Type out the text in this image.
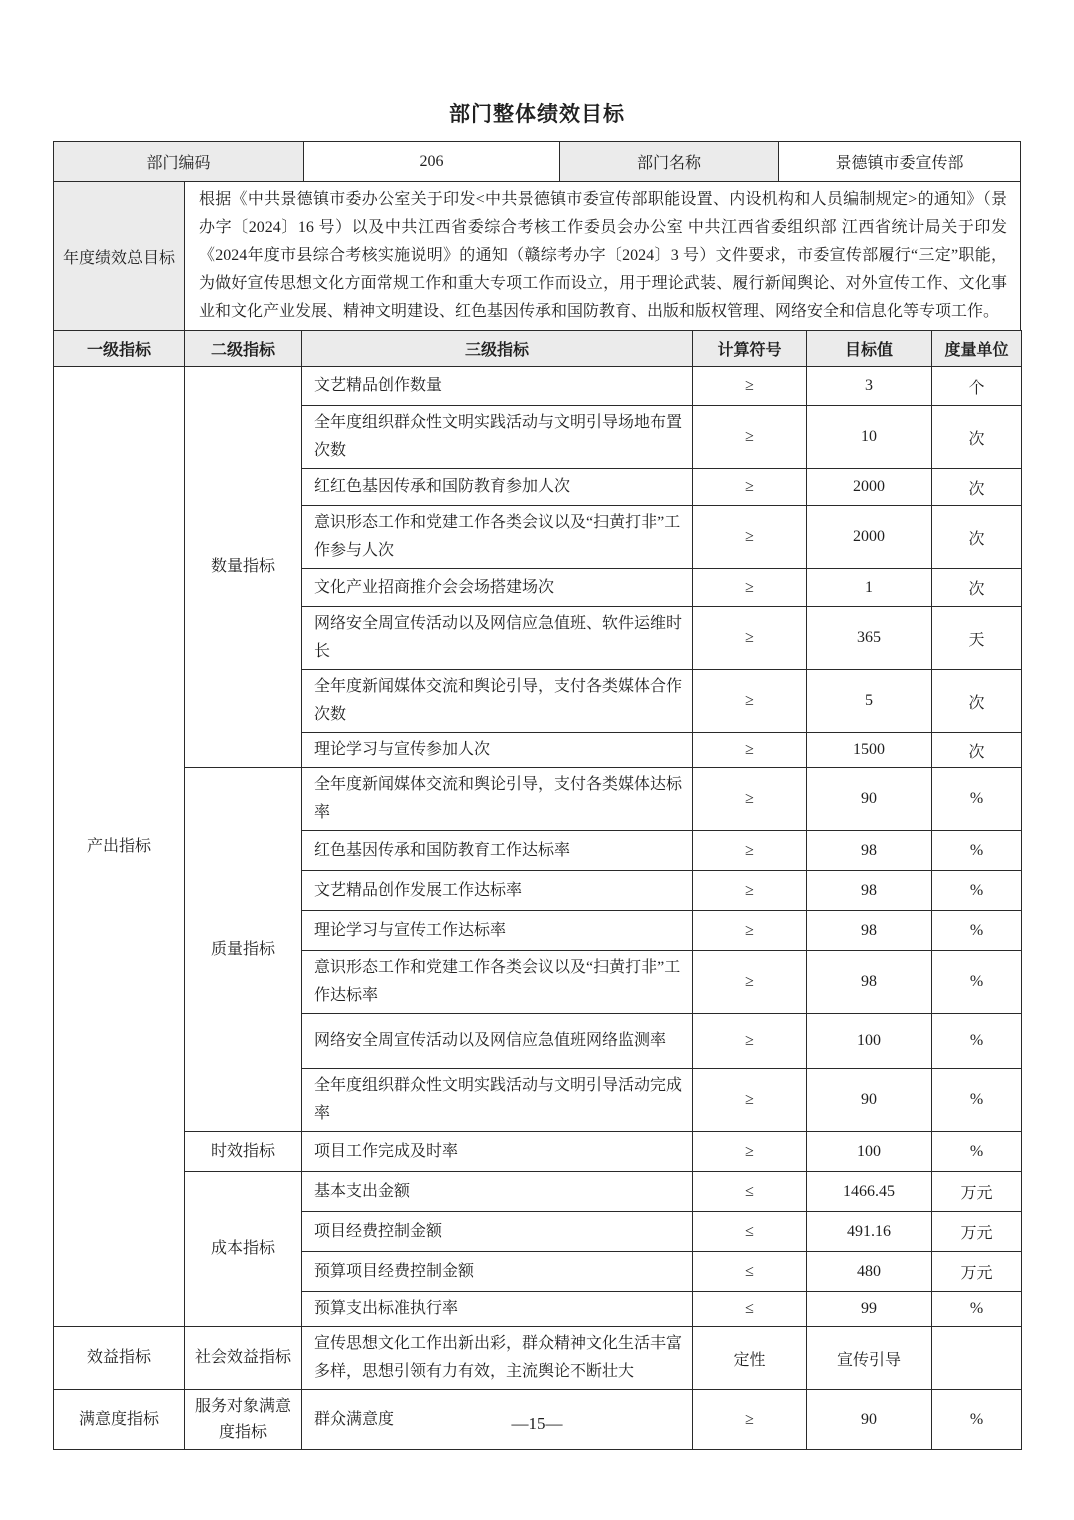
部门整体绩效目标
部门编码	206	部门名称	景德镇市委宣传部
年度绩效总目标	根据《中共景德镇市委办公室关于印发<中共景德镇市委宣传部职能设置、内设机构和人员编制规定>的通知》（景办字〔2024〕16 号）以及中共江西省委综合考核工作委员会办公室 中共江西省委组织部 江西省统计局关于印发《2024年度市县综合考核实施说明》的通知（赣综考办字〔2024〕3 号）文件要求，市委宣传部履行“三定”职能，为做好宣传思想文化方面常规工作和重大专项工作而设立，用于理论武装、履行新闻舆论、对外宣传工作、文化事业和文化产业发展、精神文明建设、红色基因传承和国防教育、出版和版权管理、网络安全和信息化等专项工作。
一级指标	二级指标	三级指标	计算符号	目标值	度量单位
产出指标	数量指标	文艺精品创作数量	≥	3	个
		全年度组织群众性文明实践活动与文明引导场地布置次数	≥	10	次
		红红色基因传承和国防教育参加人次	≥	2000	次
		意识形态工作和党建工作各类会议以及“扫黄打非”工作参与人次	≥	2000	次
		文化产业招商推介会会场搭建场次	≥	1	次
		网络安全周宣传活动以及网信应急值班、软件运维时长	≥	365	天
		全年度新闻媒体交流和舆论引导，支付各类媒体合作次数	≥	5	次
		理论学习与宣传参加人次	≥	1500	次
	质量指标	全年度新闻媒体交流和舆论引导，支付各类媒体达标率	≥	90	%
		红色基因传承和国防教育工作达标率	≥	98	%
		文艺精品创作发展工作达标率	≥	98	%
		理论学习与宣传工作达标率	≥	98	%
		意识形态工作和党建工作各类会议以及“扫黄打非”工作达标率	≥	98	%
		网络安全周宣传活动以及网信应急值班网络监测率	≥	100	%
		全年度组织群众性文明实践活动与文明引导活动完成率	≥	90	%
	时效指标	项目工作完成及时率	≥	100	%
	成本指标	基本支出金额	≤	1466.45	万元
		项目经费控制金额	≤	491.16	万元
		预算项目经费控制金额	≤	480	万元
		预算支出标准执行率	≤	99	%
效益指标	社会效益指标	宣传思想文化工作出新出彩，群众精神文化生活丰富多样，思想引领有力有效，主流舆论不断壮大	定性	宣传引导	
满意度指标	服务对象满意度指标	群众满意度	≥	90	%
—15—
